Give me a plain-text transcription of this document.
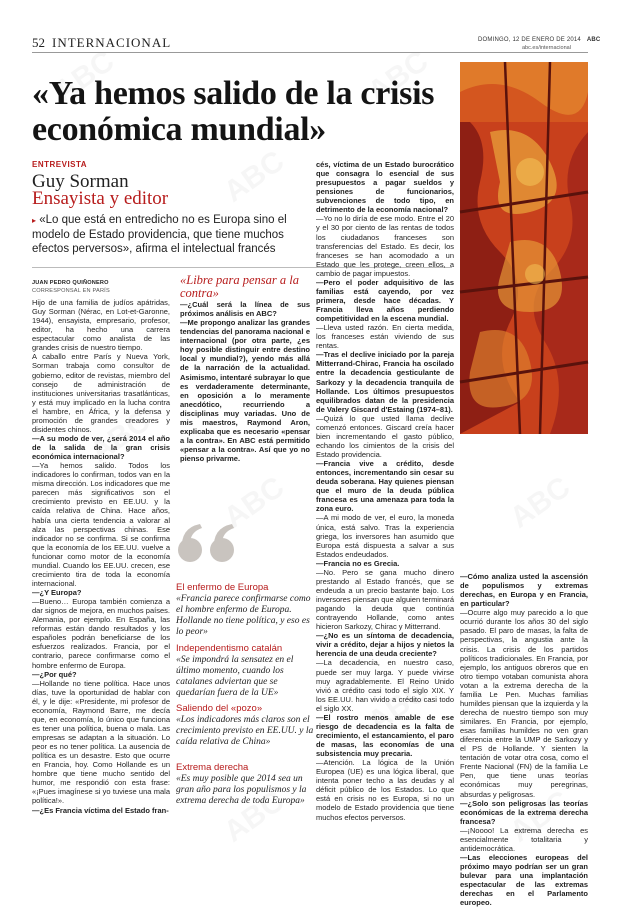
52 INTERNACIONAL	DOMINGO, 12 DE ENERO DE 2014 ABC
abc.es/internacional
«Ya hemos salido de la crisis económica mundial»
ENTREVISTA
Guy Sorman
Ensayista y editor
▸ «Lo que está en entredicho no es Europa sino el modelo de Estado providencia, que tiene muchos efectos perversos», afirma el intelectual francés
JUAN PEDRO QUIÑONERO
CORRESPONSAL EN PARÍS

Hijo de una familia de judíos apátridas, Guy Sorman (Nérac, en Lot-et-Garonne, 1944), ensayista, empresario, profesor, editor, ha hecho una carrera espectacular como analista de las grandes crisis de nuestro tiempo.

A caballo entre París y Nueva York, Sorman trabaja como consultor de gobierno, editor de revistas, miembro del consejo de administración de instituciones universitarias trasatlánticas, y está muy implicado en la lucha contra el hambre, en África, y la defensa y promoción de grandes creadores y disidentes chinos.

—A su modo de ver, ¿será 2014 el año de la salida de la gran crisis económica internacional?

—Ya hemos salido. Todos los indicadores lo confirman, todos van en la misma dirección. Los indicadores que me parecen más significativos son el crecimiento previsto en EE.UU. y la caída relativa de China. Hace años, había una cierta tendencia a valorar al alza las perspectivas chinas. Ese indicador no se confirma. Si se confirma que la economía de los EE.UU. vuelve a funcionar como motor de la economía mundial. Cuando los EE.UU. crecen, ese crecimiento tira de toda la economía internacional.

—¿Y Europa?

—Bueno… Europa también comienza a dar signos de mejora, en muchos países. Alemania, por ejemplo. En España, las reformas están dando resultados y los españoles podrán beneficiarse de los esfuerzos realizados. Francia, por el contrario, parece confirmarse como el hombre enfermo de Europa.

—¿Por qué?

—Hollande no tiene política. Hace unos días, tuve la oportunidad de hablar con él, y le dije: «Presidente, mi profesor de economía, Raymond Barre, me decía que, en economía, lo único que funciona es tener una política, buena o mala. Las empresas se adaptan a la situación. Lo peor es no tener política. La ausencia de política es un desastre. Esto que ocurre en Francia, hoy. Como Hollande es un hombre que tiene mucho sentido del humor, me respondió con esta frase: «¡Pues imagínese si yo tuviese una mala política!».

—¿Es Francia víctima del Estado fran-

«Libre para pensar a la contra»

—¿Cuál será la línea de sus próximos análisis en ABC?

—Me propongo analizar las grandes tendencias del panorama nacional e internacional (por otra parte, ¿es hoy posible distinguir entre destino local y mundial?), yendo más allá de la narración de la actualidad. Asimismo, intentaré subrayar lo que es verdaderamente determinante, en oposición a lo meramente anecdótico, recurriendo a disciplinas muy variadas. Uno de mis maestros, Raymond Aron, explicaba que es necesario «pensar a la contra». En ABC está permitido «pensar a la contra». Así que yo no pienso privarme.

El enfermo de Europa
«Francia parece confirmarse como el hombre enfermo de Europa. Hollande no tiene política, y eso es lo peor»
Independentismo catalán
«Se impondrá la sensatez en el último momento, cuando los catalanes adviertan que se quedarían fuera de la UE»
Saliendo del «pozo»
«Los indicadores más claros son el crecimiento previsto en EE.UU. y la caída relativa de China»
Extrema derecha
«Es muy posible que 2014 sea un gran año para los populismos y la extrema derecha de toda Europa»

cés, víctima de un Estado burocrático que consagra lo esencial de sus presupuestos a pagar sueldos y pensiones de funcionarios, subvenciones de todo tipo, en detrimento de la economía nacional?

—Yo no lo diría de ese modo. Entre el 20 y el 30 por ciento de las rentas de todos los ciudadanos franceses son transferencias del Estado. Es decir, los franceses se han acomodado a un Estado que les protege, creen ellos, a cambio de pagar impuestos.

—Pero el poder adquisitivo de las familias está cayendo, por vez primera, desde hace décadas. Y Francia lleva años perdiendo competitividad en la escena mundial.

—Lleva usted razón. En cierta medida, los franceses están viviendo de sus rentas.

—Tras el declive iniciado por la pareja Mitterrand-Chirac, Francia ha oscilado entre la decadencia gesticulante de Sarkozy y la decadencia tranquila de Hollande. Los últimos presupuestos equilibrados datan de la presidencia de Valery Giscard d'Estaing (1974–81).

—Quizá lo que usted llama declive comenzó entonces. Giscard creía hacer bien incrementando el gasto público, echando los cimientos de la crisis del Estado providencia.

—Francia vive a crédito, desde entonces, incrementando sin cesar su deuda soberana. Hay quienes piensan que el muro de la deuda pública francesa es una amenaza para toda la zona euro.

—A mi modo de ver, el euro, la moneda única, está salvo. Tras la experiencia griega, los inversores han asumido que Europa está dispuesta a salvar a sus Estados endeudados.

—Francia no es Grecia.

—No. Pero se gana mucho dinero prestando al Estado francés, que se endeuda a un precio bastante bajo. Los inversores piensan que alguien terminará pagando la deuda que continúa contrayendo Hollande, como antes hicieron Sarkozy, Chirac y Mitterrand.

—¿No es un síntoma de decadencia, vivir a crédito, dejar a hijos y nietos la herencia de una deuda creciente?

—La decadencia, en nuestro caso, puede ser muy larga. Y puede vivirse muy agradablemente. El Reino Unido vivió a crédito casi todo el siglo XIX. Y los EE.UU. han vivido a crédito casi todo el siglo XX.

—El rostro menos amable de ese riesgo de decadencia es la falta de crecimiento, el estancamiento, el paro de masas, las economías de una subsistencia muy precaria.

—Atención. La lógica de la Unión Europea (UE) es una lógica liberal, que intenta poner techo a las deudas y al déficit público de los Estados. Lo que está en crisis no es Europa, si no un modelo de Estado providencia que tiene muchos efectos perversos.

—Cómo analiza usted la ascensión de populismos y extremas derechas, en Europa y en Francia, en particular?

—Ocurre algo muy parecido a lo que ocurrió durante los años 30 del siglo pasado. El paro de masas, la falta de perspectivas, la angustia ante la crisis. La crisis de los partidos políticos tradicionales. En Francia, por ejemplo, los antiguos obreros que en otro tiempo votaban comunista ahora votan a la extrema derecha de la familia Le Pen. Muchas familias humildes piensan que la izquierda y la derecha de nuestro tiempo son muy similares. En Francia, por ejemplo, esas familias humildes no ven gran diferencia entre la UMP de Sarkozy y el PS de Hollande. Y sienten la tentación de votar otra cosa, como el Frente Nacional (FN) de la familia Le Pen, que tiene unas teorías económicas muy peregrinas, absurdas y peligrosas.

—¿Solo son peligrosas las teorías económicas de la extrema derecha francesa?

—¡Noooo! La extrema derecha es esencialmente totalitaria y antidemocrática.

—Las elecciones europeas del próximo mayo podrían ser un gran bulevar para una implantación espectacular de las extremas derechas en el Parlamento europeo.
